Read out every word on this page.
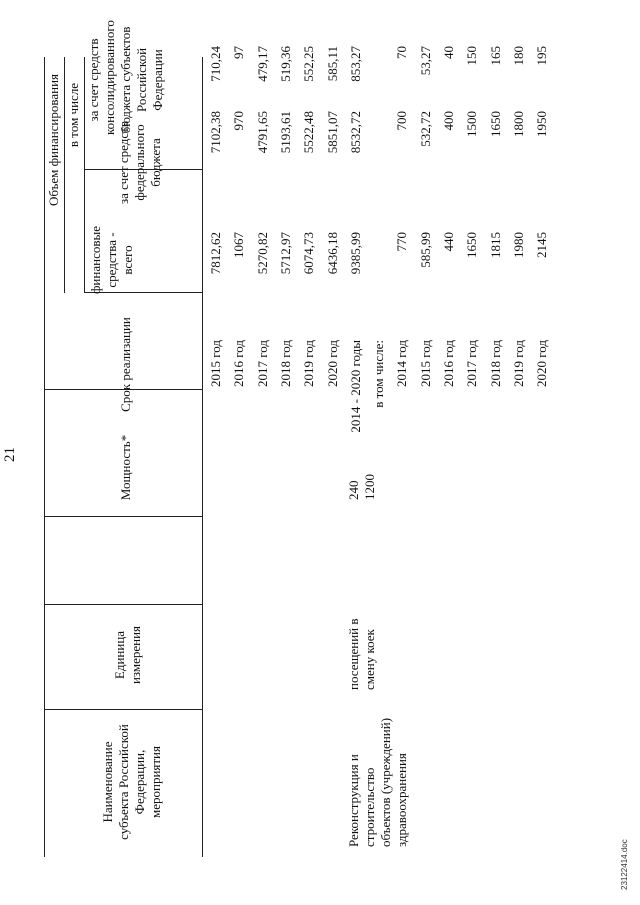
21
Наименование субъекта Российской Федерации, мероприятия
Единица измерения
Мощность*
Срок реализации
финансовые средства - всего
Объем финансирования в том числе
за счет средств федерального бюджета
за счет средств консолидированного бюджета субъектов Российской Федерации
Реконструкция и строительство объектов (учреждений) здравоохранения
посещений в смену коек
240 1200
2015 год
7812,62
7102,38
710,24
2016 год
1067
970
97
2017 год
5270,82
4791,65
479,17
2018 год
5712,97
5193,61
519,36
2019 год
6074,73
5522,48
552,25
2020 год
6436,18
5851,07
585,11
2014 - 2020 годы
9385,99
8532,72
853,27
в том числе: 2014 год
770
700
70
2015 год
585,99
532,72
53,27
2016 год
440
400
40
2017 год
1650
1500
150
2018 год
1815
1650
165
2019 год
1980
1800
180
2020 год
2145
1950
195
23122414.doc
